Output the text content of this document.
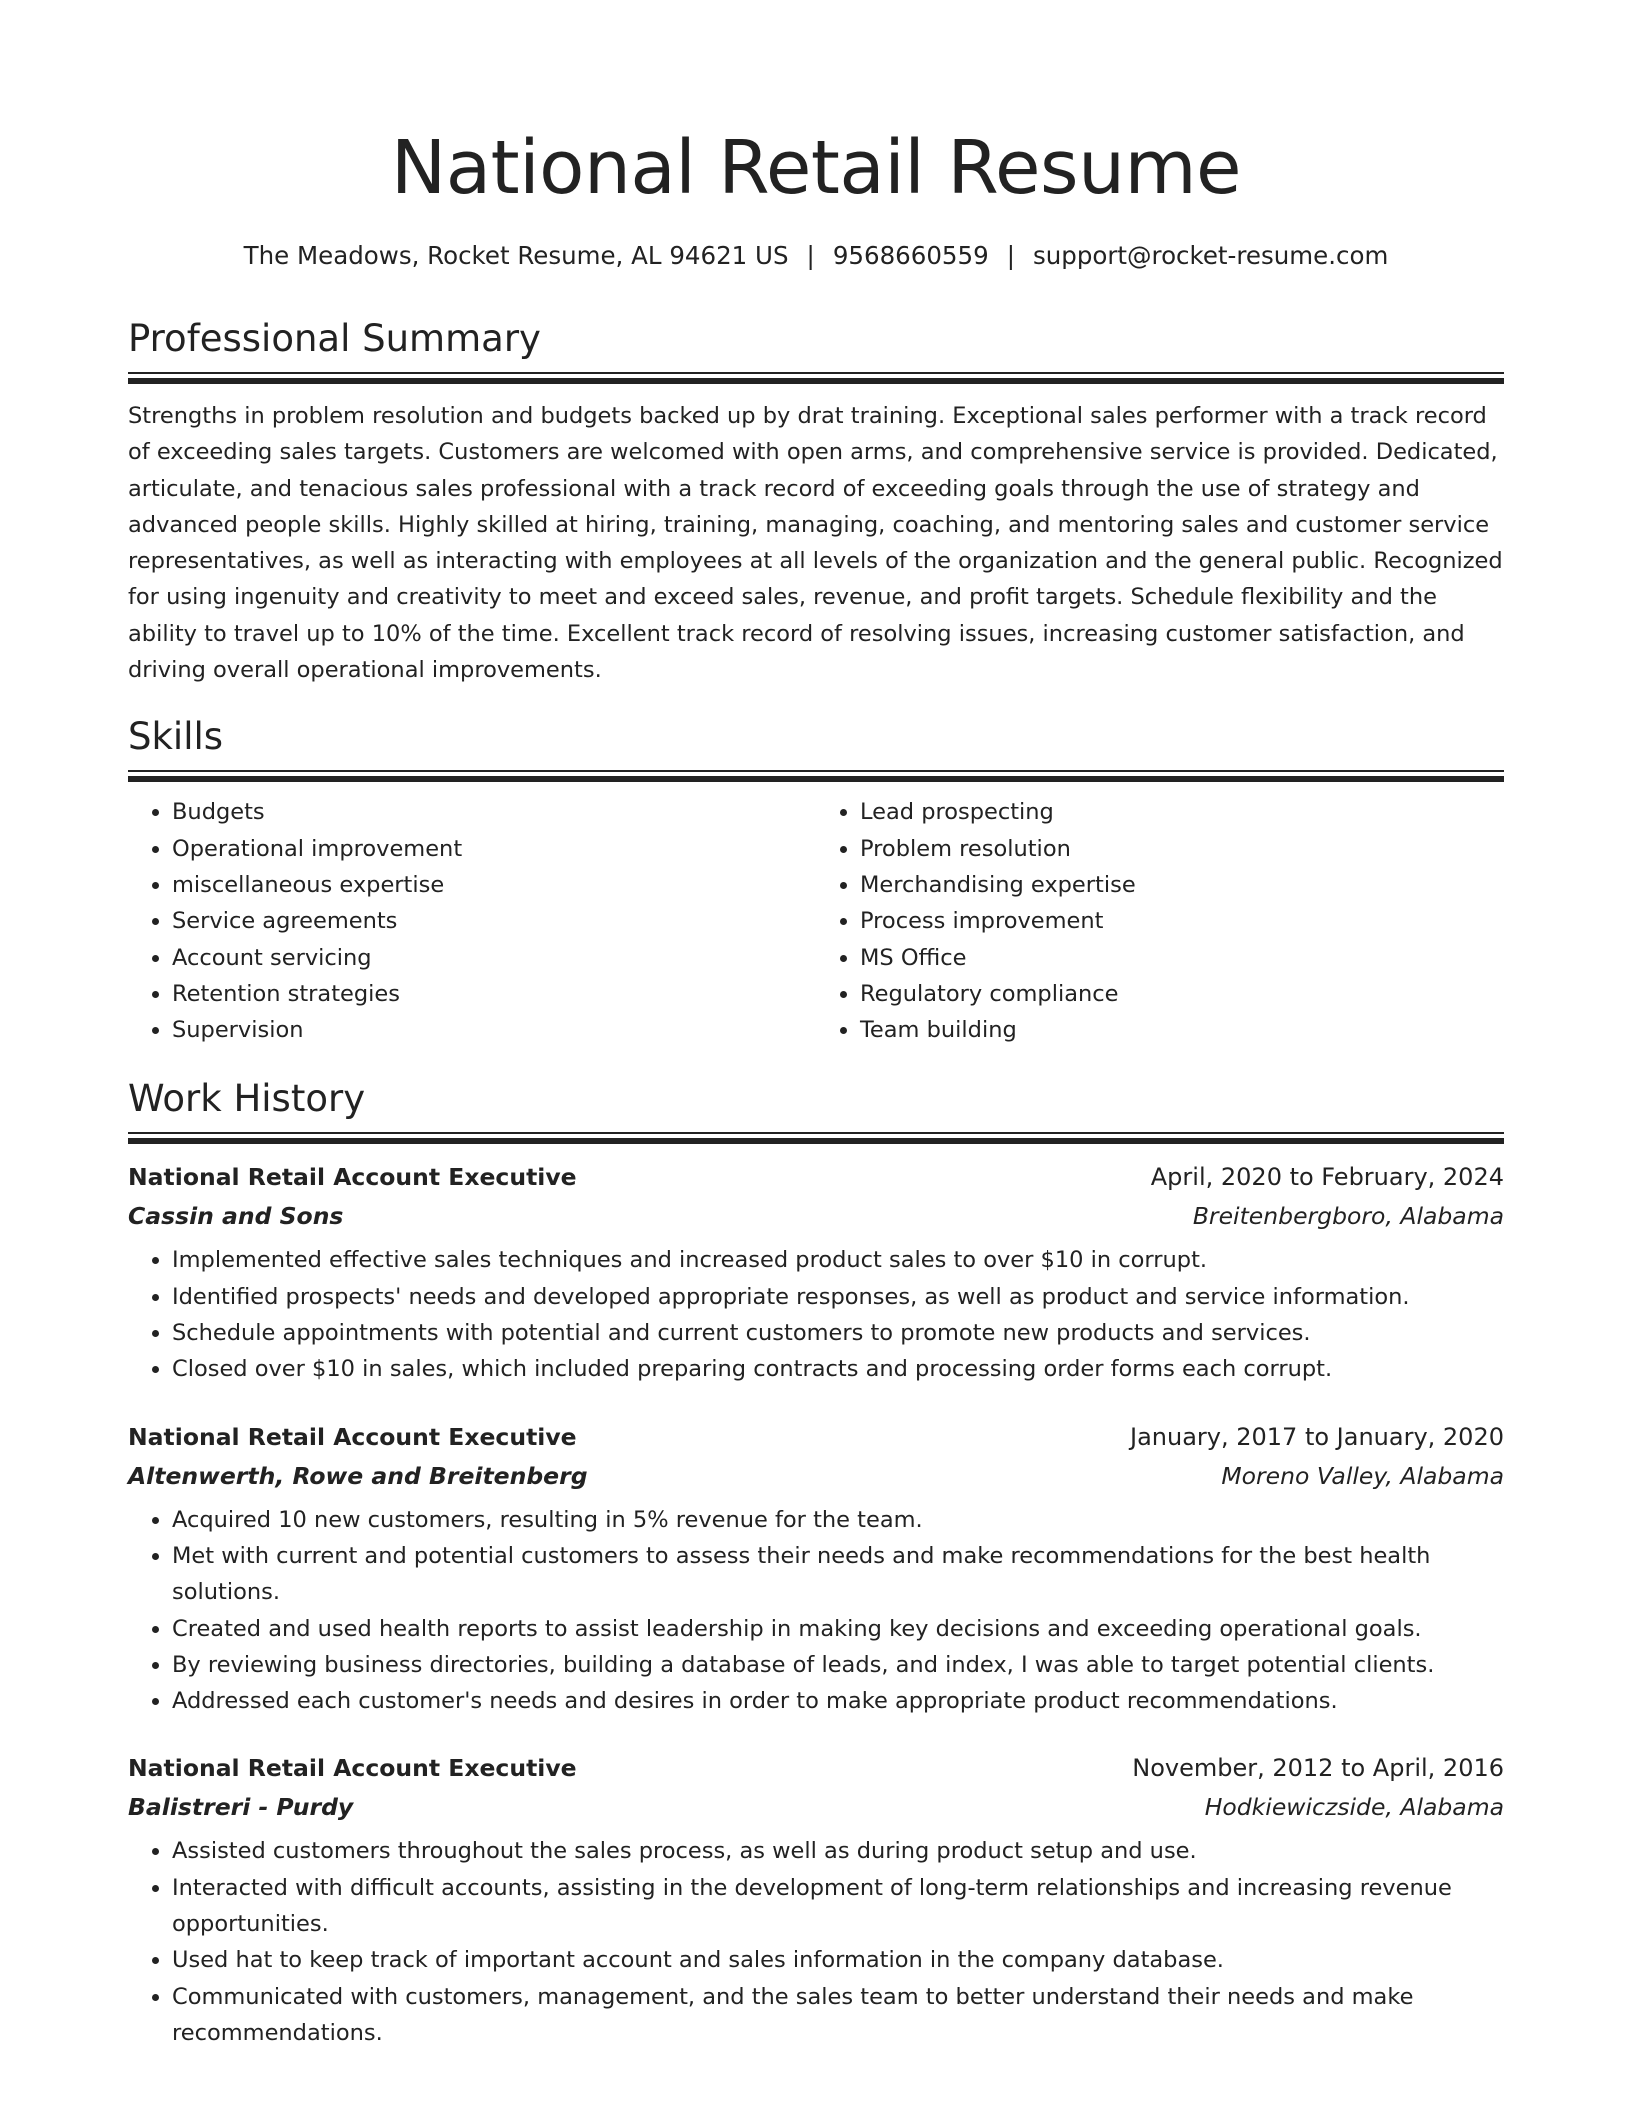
National Retail Resume
The Meadows, Rocket Resume, AL 94621 US | 9568660559 | support@rocket-resume.com
Professional Summary
Strengths in problem resolution and budgets backed up by drat training. Exceptional sales performer with a track record of exceeding sales targets. Customers are welcomed with open arms, and comprehensive service is provided. Dedicated, articulate, and tenacious sales professional with a track record of exceeding goals through the use of strategy and advanced people skills. Highly skilled at hiring, training, managing, coaching, and mentoring sales and customer service representatives, as well as interacting with employees at all levels of the organization and the general public. Recognized for using ingenuity and creativity to meet and exceed sales, revenue, and profit targets. Schedule flexibility and the ability to travel up to 10% of the time. Excellent track record of resolving issues, increasing customer satisfaction, and driving overall operational improvements.
Skills
• Budgets
• Operational improvement
• miscellaneous expertise
• Service agreements
• Account servicing
• Retention strategies
• Supervision
• Lead prospecting
• Problem resolution
• Merchandising expertise
• Process improvement
• MS Office
• Regulatory compliance
• Team building
Work History
National Retail Account Executive	April, 2020 to February, 2024
Cassin and Sons	Breitenbergboro, Alabama
• Implemented effective sales techniques and increased product sales to over $10 in corrupt.
• Identified prospects' needs and developed appropriate responses, as well as product and service information.
• Schedule appointments with potential and current customers to promote new products and services.
• Closed over $10 in sales, which included preparing contracts and processing order forms each corrupt.
National Retail Account Executive	January, 2017 to January, 2020
Altenwerth, Rowe and Breitenberg	Moreno Valley, Alabama
• Acquired 10 new customers, resulting in 5% revenue for the team.
• Met with current and potential customers to assess their needs and make recommendations for the best health solutions.
• Created and used health reports to assist leadership in making key decisions and exceeding operational goals.
• By reviewing business directories, building a database of leads, and index, I was able to target potential clients.
• Addressed each customer's needs and desires in order to make appropriate product recommendations.
National Retail Account Executive	November, 2012 to April, 2016
Balistreri - Purdy	Hodkiewiczside, Alabama
• Assisted customers throughout the sales process, as well as during product setup and use.
• Interacted with difficult accounts, assisting in the development of long-term relationships and increasing revenue opportunities.
• Used hat to keep track of important account and sales information in the company database.
• Communicated with customers, management, and the sales team to better understand their needs and make recommendations.
